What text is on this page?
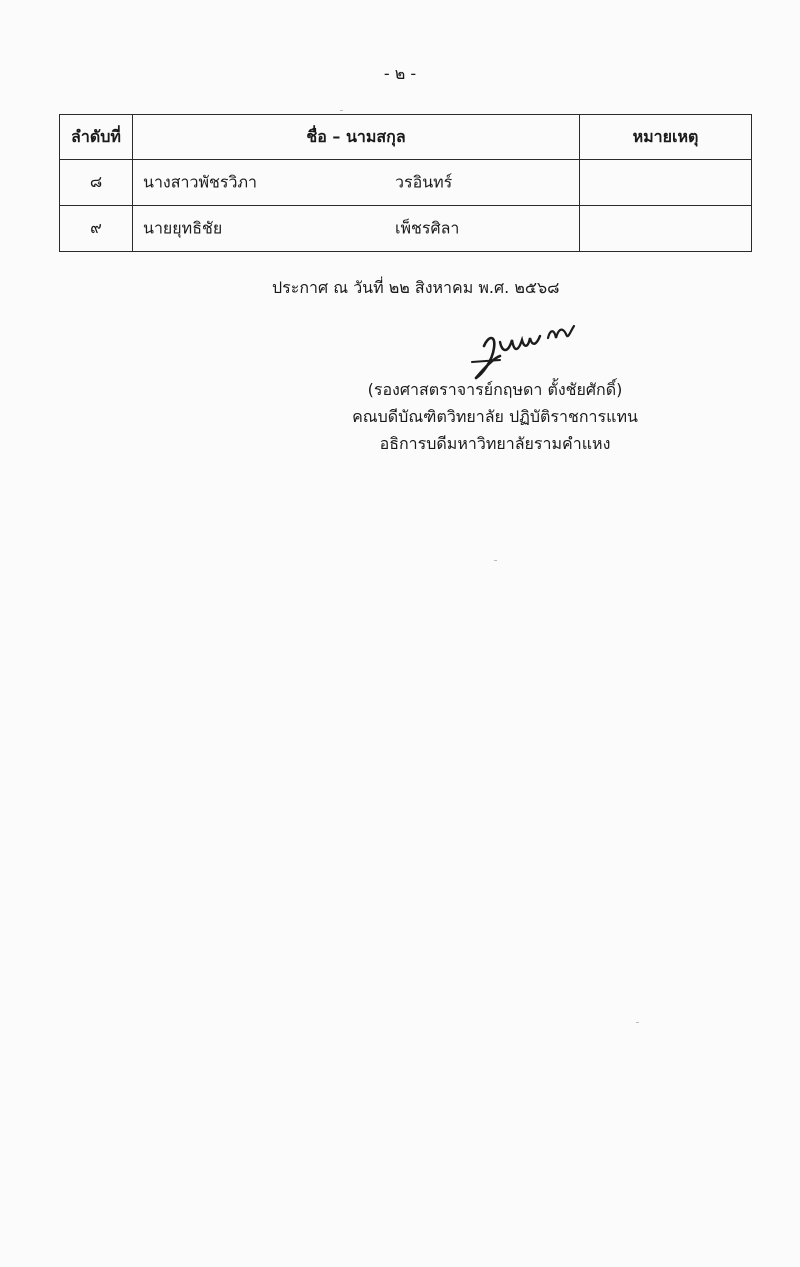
- ๒ -
ลำดับที่	ชื่อ – นามสกุล	หมายเหตุ
๘	นางสาวพัชรวิภา วรอินทร์	

๙	นายยุทธิชัย เพ็ชรศิลา	

ประกาศ ณ วันที่ ๒๒ สิงหาคม พ.ศ. ๒๕๖๘
(รองศาสตราจารย์กฤษดา ตั้งชัยศักดิ์)
คณบดีบัณฑิตวิทยาลัย ปฏิบัติราชการแทน
อธิการบดีมหาวิทยาลัยรามคำแหง
